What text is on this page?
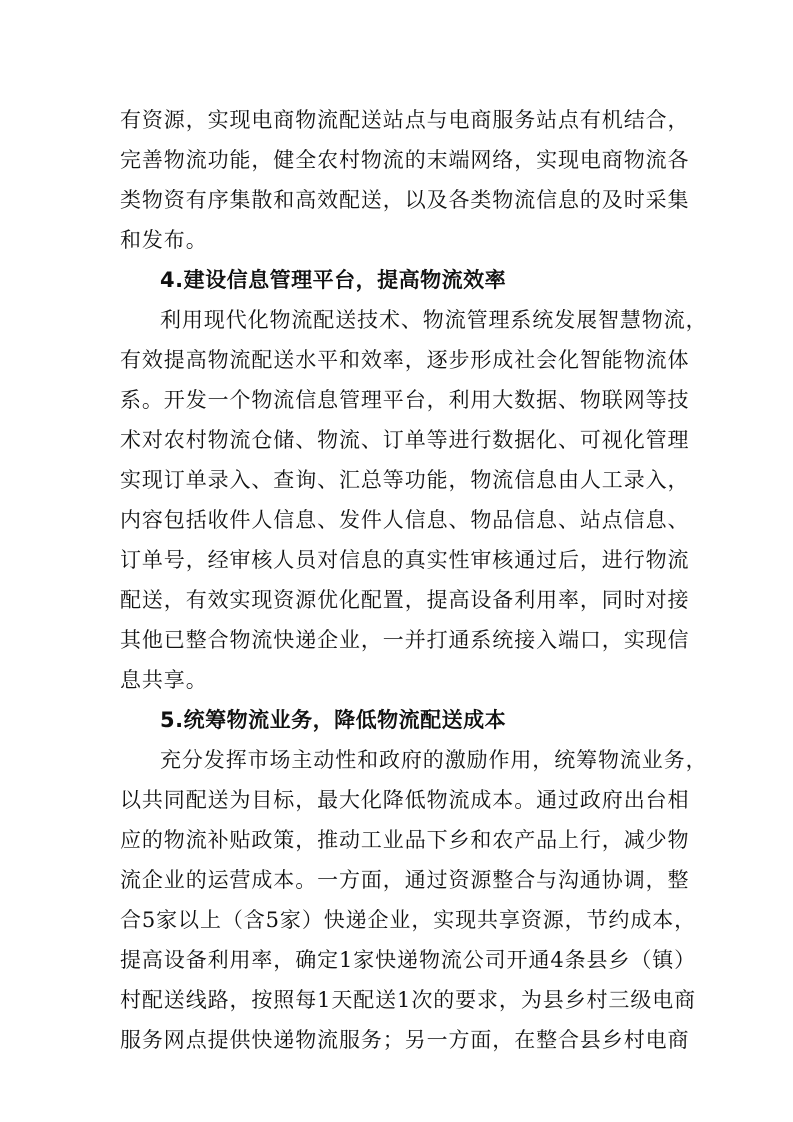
有资源，实现电商物流配送站点与电商服务站点有机结合，
完善物流功能，健全农村物流的末端网络，实现电商物流各
类物资有序集散和高效配送，以及各类物流信息的及时采集
和发布。
4.建设信息管理平台，提高物流效率
利用现代化物流配送技术、物流管理系统发展智慧物流，
有效提高物流配送水平和效率，逐步形成社会化智能物流体
系。开发一个物流信息管理平台，利用大数据、物联网等技
术对农村物流仓储、物流、订单等进行数据化、可视化管理
实现订单录入、查询、汇总等功能，物流信息由人工录入，
内容包括收件人信息、发件人信息、物品信息、站点信息、
订单号，经审核人员对信息的真实性审核通过后，进行物流
配送，有效实现资源优化配置，提高设备利用率，同时对接
其他已整合物流快递企业，一并打通系统接入端口，实现信
息共享。
5.统筹物流业务，降低物流配送成本
充分发挥市场主动性和政府的激励作用，统筹物流业务，
以共同配送为目标，最大化降低物流成本。通过政府出台相
应的物流补贴政策，推动工业品下乡和农产品上行，减少物
流企业的运营成本。一方面，通过资源整合与沟通协调，整
合5家以上（含5家）快递企业，实现共享资源，节约成本，
提高设备利用率，确定1家快递物流公司开通4条县乡（镇）
村配送线路，按照每1天配送1次的要求，为县乡村三级电商
服务网点提供快递物流服务；另一方面，在整合县乡村电商
